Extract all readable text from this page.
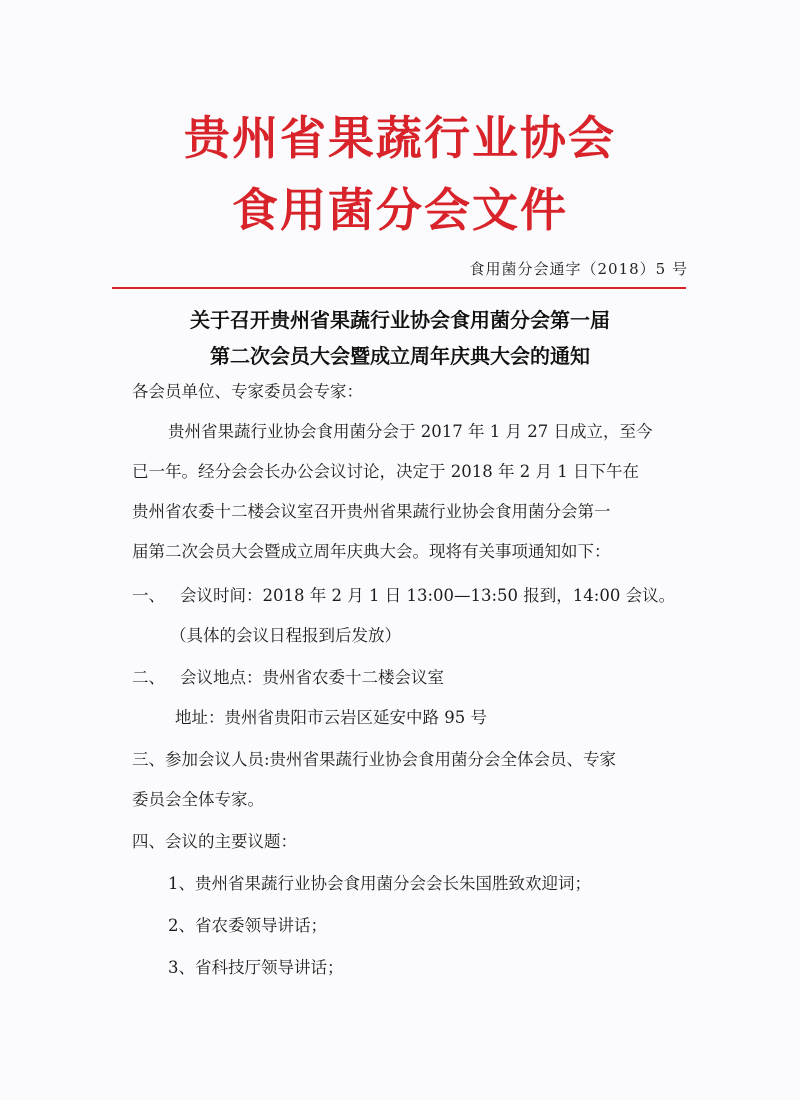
贵州省果蔬行业协会
食用菌分会文件
食用菌分会通字（2018）5 号
关于召开贵州省果蔬行业协会食用菌分会第一届
第二次会员大会暨成立周年庆典大会的通知
各会员单位、专家委员会专家：
贵州省果蔬行业协会食用菌分会于 2017 年 1 月 27 日成立，至今
已一年。经分会会长办公会议讨论，决定于 2018 年 2 月 1 日下午在
贵州省农委十二楼会议室召开贵州省果蔬行业协会食用菌分会第一
届第二次会员大会暨成立周年庆典大会。现将有关事项通知如下：
一、 会议时间：2018 年 2 月 1 日 13:00—13:50 报到，14:00 会议。
（具体的会议日程报到后发放）
二、 会议地点：贵州省农委十二楼会议室
地址：贵州省贵阳市云岩区延安中路 95 号
三、参加会议人员:贵州省果蔬行业协会食用菌分会全体会员、专家
委员会全体专家。
四、会议的主要议题：
1、贵州省果蔬行业协会食用菌分会会长朱国胜致欢迎词；
2、省农委领导讲话；
3、省科技厅领导讲话；
